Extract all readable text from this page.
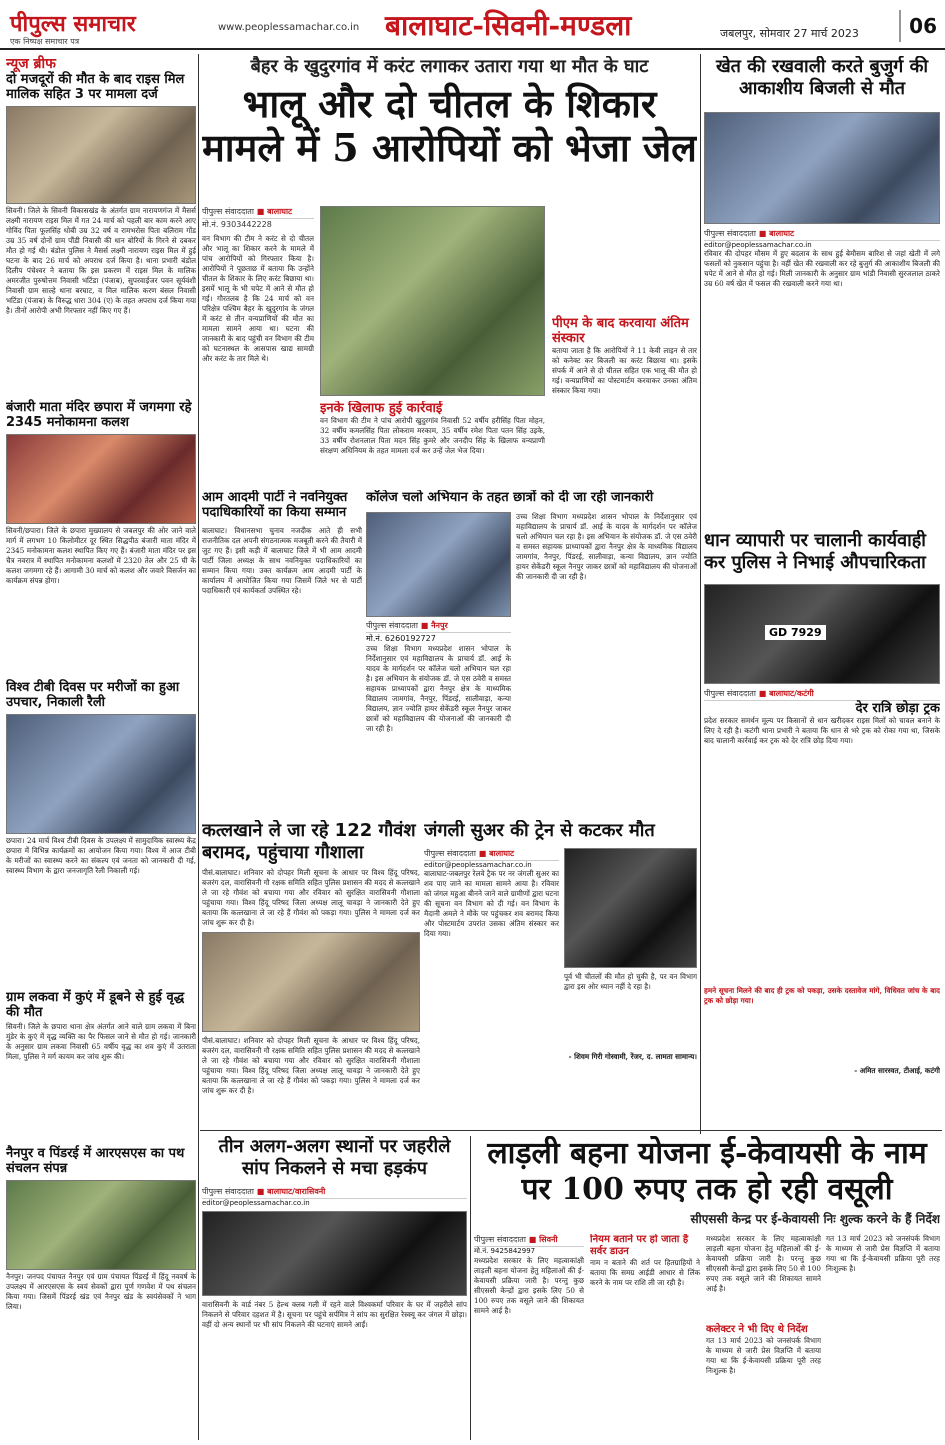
पीपुल्स समाचार
एक निष्पक्ष समाचार पत्र
www.peoplessamachar.co.in बालाघाट-सिवनी-मण्डला	जबलपुर, सोमवार 27 मार्च 2023	06
न्यूज ब्रीफ
दो मजदूरों की मौत के बाद राइस मिल मालिक सहित 3 पर मामला दर्ज
सिवनी। जिले के सिवनी विकासखंड के अंतर्गत ग्राम नारायणगंज में मैसर्स लक्ष्मी नारायण राइस मिल में गत 24 मार्च को पहली बार काम करने आए गोविंद पिता फूलसिंह धोबी उम्र 32 वर्ष व रामभरोस पिता बलिराम गोंड उम्र 35 वर्ष दोनों ग्राम पौंडी निवासी की धान बोरियों के गिरने से दबकर मौत हो गई थी। बंडोल पुलिस ने मैसर्स लक्ष्मी नारायण राइस मिल में हुई घटना के बाद 26 मार्च को अपराध दर्ज किया है। थाना प्रभारी बंडोल दिलीप पंचेश्वर ने बताया कि इस प्रकरण में राइस मिल के मालिक अमरजीत पुरुषोत्तम निवासी भटिंडा (पंजाब), सुपरवाईजर पवन सूर्यवंशी निवासी ग्राम साल्हे थाना बरघाट, व मिल मालिक करण बंसल निवासी भटिंडा (पंजाब) के विरुद्ध धारा 304 (ए) के तहत अपराध दर्ज किया गया है। तीनों आरोपी अभी गिरफ्तार नहीं किए गए हैं।
बंजारी माता मंदिर छपारा में जगमगा रहे 2345 मनोकामना कलश
सिवनी/छपारा। जिले के छपारा मुख्यालय से जबलपुर की ओर जाने वाले मार्ग में लगभग 10 किलोमीटर दूर स्थित सिद्धपीठ बंजारी माता मंदिर में 2345 मनोकामना कलश स्थापित किए गए हैं। बंजारी माता मंदिर पर इस चैत्र नवरात्र में स्थापित मनोकामना कलशों में 2320 तेल और 25 घी के कलश जगमगा रहे हैं। आगामी 30 मार्च को कलश और जवारे विसर्जन का कार्यक्रम संपन्न होगा।
विश्व टीबी दिवस पर मरीजों का हुआ उपचार, निकाली रैली
छपारा। 24 मार्च विश्व टीबी दिवस के उपलक्ष्य में सामुदायिक स्वास्थ्य केंद्र छपारा में विभिन्न कार्यक्रमों का आयोजन किया गया। विश्व में आज टीबी के मरीजों का स्वास्थ्य करने का संकल्प एवं जनता को जानकारी दी गई, स्वास्थ्य विभाग के द्वारा जनजागृति रैली निकाली गई।
ग्राम लकवा में कुएं में डूबने से हुई वृद्ध की मौत
सिवनी। जिले के छपारा थाना क्षेत्र अंतर्गत आने वाले ग्राम लकवा में बिना मुंडेर के कुएं में वृद्ध व्यक्ति का पैर फिसल जाने से मौत हो गई। जानकारी के अनुसार ग्राम लकवा निवासी 65 वर्षीय वृद्ध का शव कुएं में उतराता मिला, पुलिस ने मर्ग कायम कर जांच शुरू की।
नैनपुर व पिंडरई में आरएसएस का पथ संचलन संपन्न
नैनपुर। जनपद पंचायत नैनपुर एवं ग्राम पंचायत पिंडरई में हिंदू नववर्ष के उपलक्ष्य में आरएसएस के स्वयं सेवकों द्वारा पूर्ण गणवेश में पथ संचलन किया गया। जिसमें पिंडरई खंड एवं नैनपुर खंड के स्वयंसेवकों ने भाग लिया।
बैहर के खुदुरगांव में करंट लगाकर उतारा गया था मौत के घाट
भालू और दो चीतल के शिकार मामले में 5 आरोपियों को भेजा जेल
पीपुल्स संवाददाता ■ बालाघाट
मो.नं. 9303442228
वन विभाग की टीम ने करंट से दो चीतल और भालू का शिकार करने के मामले में पांच आरोपियों को गिरफ्तार किया है। आरोपियों ने पूछताछ में बताया कि उन्होंने चीतल के शिकार के लिए करंट बिछाया था। इसमें भालू के भी चपेट में आने से मौत हो गई। गौरतलब है कि 24 मार्च को वन परिक्षेत्र पश्चिम बैहर के खुदुरगांव के जंगल में करंट से तीन वन्यप्राणियों की मौत का मामला सामने आया था। घटना की जानकारी के बाद पहुंची वन विभाग की टीम को घटनास्थल के आसपास खाद्य सामग्री और करंट के तार मिले थे।
इनके खिलाफ हुई कार्रवाई
वन विभाग की टीम ने पांच आरोपी खुदुरगांव निवासी 52 वर्षीय हरीसिंह पिता मोहन, 32 वर्षीय कमलसिंह पिता लोकराम मरकाम, 35 वर्षीय रमेश पिता पतन सिंह उइके, 33 वर्षीय रोशनलाल पिता मदन सिंह कुमरे और जनदीप सिंह के खिलाफ वन्यप्राणी संरक्षण अधिनियम के तहत मामला दर्ज कर उन्हें जेल भेज दिया।
पीएम के बाद करवाया अंतिम संस्कार
बताया जाता है कि आरोपियों ने 11 केवी लाइन से तार को कनेक्ट कर बिजली का करंट बिछाया था। इसके संपर्क में आने से दो चीतल सहित एक भालू की मौत हो गई। वन्यप्राणियों का पोस्टमार्टम करवाकर उनका अंतिम संस्कार किया गया।
आम आदमी पार्टी ने नवनियुक्त पदाधिकारियों का किया सम्मान
बालाघाट। विधानसभा चुनाव नजदीक आते ही सभी राजनीतिक दल अपनी संगठनात्मक मजबूती करने की तैयारी में जुट गए हैं। इसी कड़ी में बालाघाट जिले में भी आम आदमी पार्टी जिला अध्यक्ष के साथ नवनियुक्त पदाधिकारियों का सम्मान किया गया। उक्त कार्यक्रम आम आदमी पार्टी के कार्यालय में आयोजित किया गया जिसमें जिले भर से पार्टी पदाधिकारी एवं कार्यकर्ता उपस्थित रहे।
कॉलेज चलो अभियान के तहत छात्रों को दी जा रही जानकारी
पीपुल्स संवाददाता ■ नैनपुर
मो.नं. 6260192727
उच्च शिक्षा विभाग मध्यप्रदेश शासन भोपाल के निर्देशानुसार एवं महाविद्यालय के प्राचार्य डॉ. आई के यादव के मार्गदर्शन पर कॉलेज चलो अभियान चल रहा है। इस अभियान के संयोजक डॉ. जे एस ठवेरी व समस्त सहायक प्राध्यापकों द्वारा नैनपुर क्षेत्र के माध्यमिक विद्यालय जामगांव, नैनपुर, पिंडरई, सालीवाड़ा, कन्या विद्यालय, ज्ञान ज्योति हायर सेकेंडरी स्कूल नैनपुर जाकर छात्रों को महाविद्यालय की योजनाओं की जानकारी दी जा रही है।
उच्च शिक्षा विभाग मध्यप्रदेश शासन भोपाल के निर्देशानुसार एवं महाविद्यालय के प्राचार्य डॉ. आई के यादव के मार्गदर्शन पर कॉलेज चलो अभियान चल रहा है। इस अभियान के संयोजक डॉ. जे एस ठवेरी व समस्त सहायक प्राध्यापकों द्वारा नैनपुर क्षेत्र के माध्यमिक विद्यालय जामगांव, नैनपुर, पिंडरई, सालीवाड़ा, कन्या विद्यालय, ज्ञान ज्योति हायर सेकेंडरी स्कूल नैनपुर जाकर छात्रों को महाविद्यालय की योजनाओं की जानकारी दी जा रही है।
कत्लखाने ले जा रहे 122 गौवंश बरामद, पहुंचाया गौशाला
पीसं.बालाघाट। शनिवार को दोपहर मिली सूचना के आधार पर विश्व हिंदू परिषद, बजरंग दल, वारासिवनी गौ रक्षक समिति सहित पुलिस प्रशासन की मदद से कत्लखाने ले जा रहे गौवंश को बचाया गया और रविवार को सुरक्षित वारासिवनी गौशाला पहुंचाया गया। विश्व हिंदू परिषद जिला अध्यक्ष लालू चावड़ा ने जानकारी देते हुए बताया कि कत्लखाना ले जा रहे हैं गौवंश को पकड़ा गया। पुलिस ने मामला दर्ज कर जांच शुरू कर दी है।
पीसं.बालाघाट। शनिवार को दोपहर मिली सूचना के आधार पर विश्व हिंदू परिषद, बजरंग दल, वारासिवनी गौ रक्षक समिति सहित पुलिस प्रशासन की मदद से कत्लखाने ले जा रहे गौवंश को बचाया गया और रविवार को सुरक्षित वारासिवनी गौशाला पहुंचाया गया। विश्व हिंदू परिषद जिला अध्यक्ष लालू चावड़ा ने जानकारी देते हुए बताया कि कत्लखाना ले जा रहे हैं गौवंश को पकड़ा गया। पुलिस ने मामला दर्ज कर जांच शुरू कर दी है।
जंगली सुअर की ट्रेन से कटकर मौत
पीपुल्स संवाददाता ■ बालाघाट
editor@peoplessamachar.co.in
बालाघाट-जबलपुर रेलवे ट्रैक पर नर जंगली सुअर का शव पाए जाने का मामला सामने आया है। रविवार को जंगल महुआ बीनने जाने वाले ग्रामीणों द्वारा घटना की सूचना वन विभाग को दी गई। वन विभाग के मैदानी अमले ने मौके पर पहुंचकर शव बरामद किया और पोस्टमार्टम उपरांत उसका अंतिम संस्कार कर दिया गया।
पूर्व भी चीतलों की मौत हो चुकी है, पर वन विभाग द्वारा इस ओर ध्यान नहीं दे रहा है।
- शिवम गिरी गोस्वामी, रेंजर, द. लामता सामान्य।
खेत की रखवाली करते बुजुर्ग की आकाशीय बिजली से मौत
पीपुल्स संवाददाता ■ बालाघाट
editor@peoplessamachar.co.in
रविवार की दोपहर मौसम में हुए बदलाव के साथ हुई बेमौसम बारिश से जहां खेती में लगे फसलों को नुकसान पहुंचा है। वहीं खेत की रखवाली कर रहे बुजुर्ग की आकाशीय बिजली की चपेट में आने से मौत हो गई। मिली जानकारी के अनुसार ग्राम भांडी निवासी सुरजलाल ठाकरे उम्र 60 वर्ष खेत में फसल की रखवाली करने गया था।
धान व्यापारी पर चालानी कार्यवाही कर पुलिस ने निभाई औपचारिकता
GD 7929
पीपुल्स संवाददाता ■ बालाघाट/कटंगी
देर रात्रि छोड़ा ट्रक
प्रदेश सरकार समर्थन मूल्य पर किसानों से धान खरीदकर राइस मिलों को चावल बनाने के लिए दे रही है। कटंगी थाना प्रभारी ने बताया कि धान से भरे ट्रक को रोका गया था, जिसके बाद चालानी कार्रवाई कर ट्रक को देर रात्रि छोड़ दिया गया।
हमने सूचना मिलने की बाद ही ट्रक को पकड़ा, उसके दस्तावेज मांगे, विधिवत जांच के बाद ट्रक को छोड़ा गया।
- अमित सारस्वत, टीआई, कटंगी
तीन अलग-अलग स्थानों पर जहरीले सांप निकलने से मचा हड़कंप
पीपुल्स संवाददाता ■ बालाघाट/वारासिवनी
editor@peoplessamachar.co.in
वारासिवनी के वार्ड नंबर 5 हेल्थ क्लब गली में रहने वाले विश्वकर्मा परिवार के घर में जहरीले सांप निकलने से परिवार दहशत में है। सूचना पर पहुंचे सर्पमित्र ने सांप का सुरक्षित रेस्क्यू कर जंगल में छोड़ा। वहीं दो अन्य स्थानों पर भी सांप निकलने की घटनाएं सामने आईं।
लाड़ली बहना योजना ई-केवायसी के नाम पर 100 रुपए तक हो रही वसूली
सीएससी केन्द्र पर ई-केवायसी निः शुल्क करने के हैं निर्देश
पीपुल्स संवाददाता ■ सिवनी
मो.नं. 9425842997
मध्यप्रदेश सरकार के लिए महत्वाकांक्षी लाड़ली बहना योजना हेतु महिलाओं की ई-केवायसी प्रक्रिया जारी है। परन्तु कुछ सीएससी केन्द्रों द्वारा इसके लिए 50 से 100 रुपए तक वसूले जाने की शिकायत सामने आई है।
नियम बताने पर हो जाता है सर्वर डाउन
नाम न बताने की शर्त पर हितग्राहियों ने बताया कि समग्र आईडी आधार से लिंक करने के नाम पर राशि ली जा रही है।
मध्यप्रदेश सरकार के लिए महत्वाकांक्षी लाड़ली बहना योजना हेतु महिलाओं की ई-केवायसी प्रक्रिया जारी है। परन्तु कुछ सीएससी केन्द्रों द्वारा इसके लिए 50 से 100 रुपए तक वसूले जाने की शिकायत सामने आई है।
कलेक्टर ने भी दिए थे निर्देश
गत 13 मार्च 2023 को जनसंपर्क विभाग के माध्यम से जारी प्रेस विज्ञप्ति में बताया गया था कि ई-केवायसी प्रक्रिया पूरी तरह निःशुल्क है।
गत 13 मार्च 2023 को जनसंपर्क विभाग के माध्यम से जारी प्रेस विज्ञप्ति में बताया गया था कि ई-केवायसी प्रक्रिया पूरी तरह निःशुल्क है।
